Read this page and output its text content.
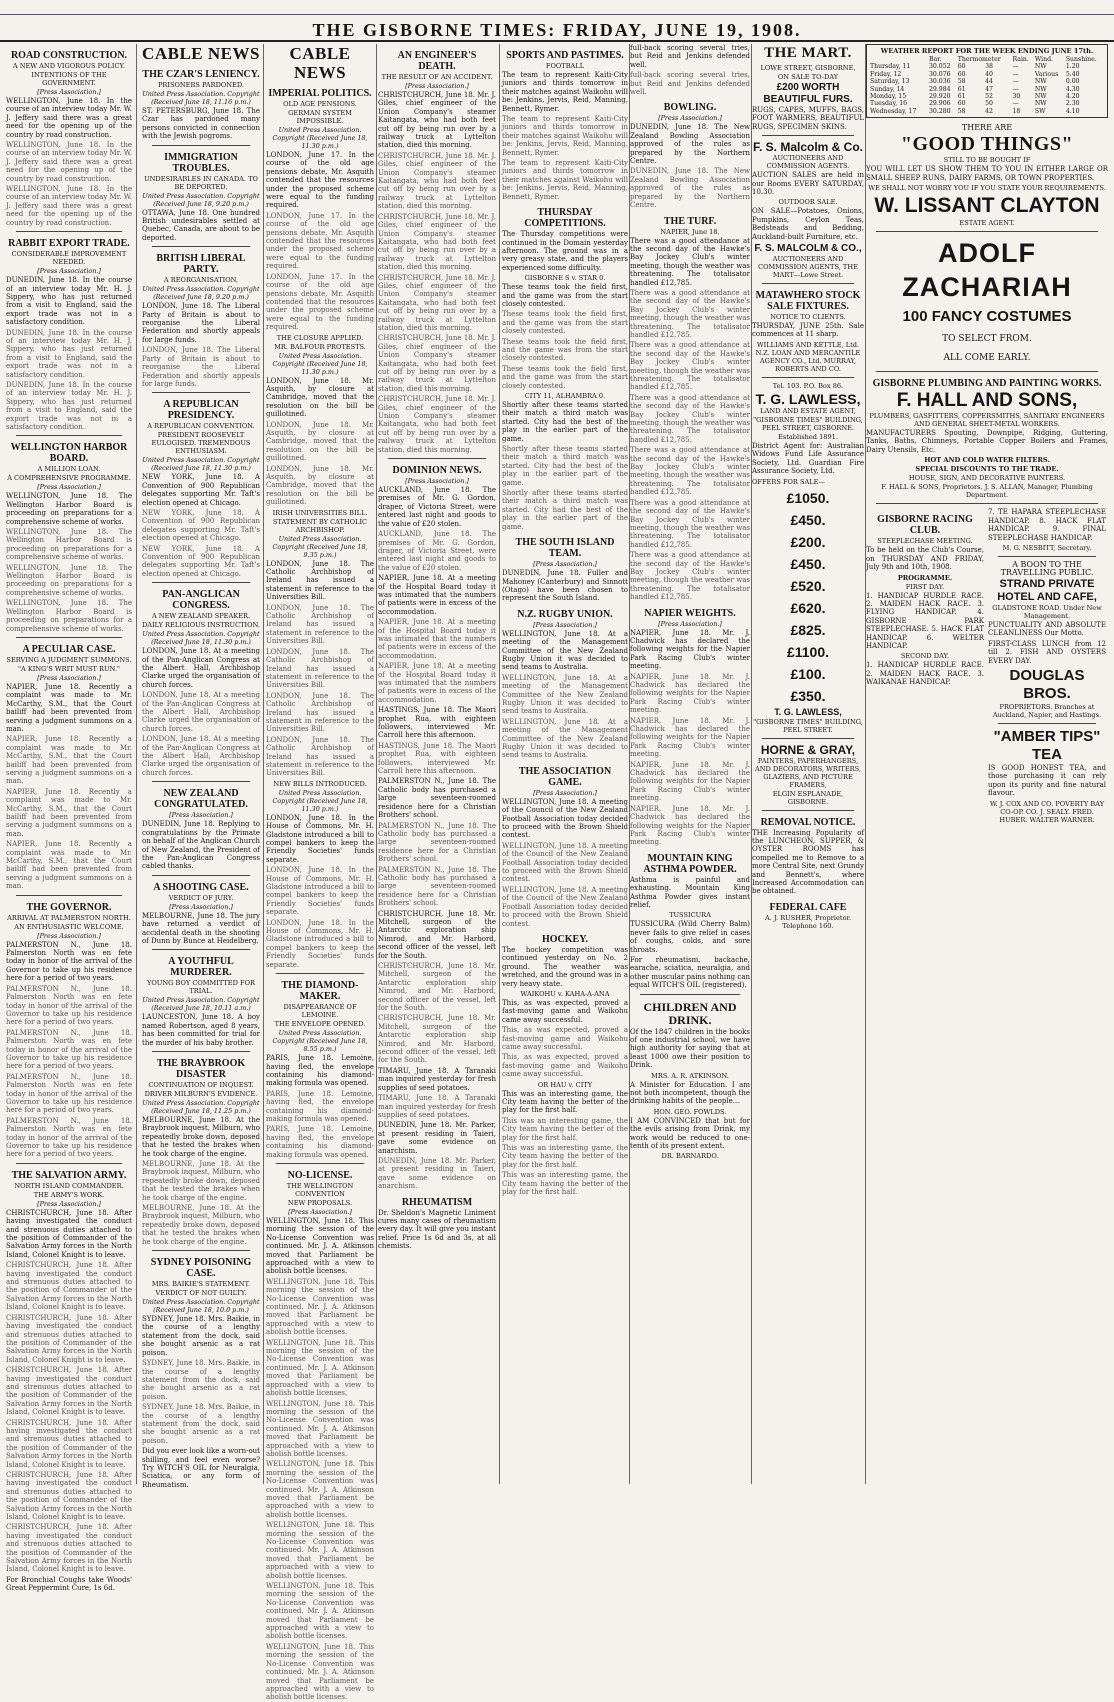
THE GISBORNE TIMES: FRIDAY, JUNE 19, 1908.
ROAD CONSTRUCTION.
A NEW AND VIGOROUS POLICY.
INTENTIONS OF THE GOVERNMENT.
[Press Association.]

WELLINGTON, June 18. In the course of an interview today Mr. W. J. Jeffery said there was a great need for the opening up of the country by road construction.

WELLINGTON, June 18. In the course of an interview today Mr. W. J. Jeffery said there was a great need for the opening up of the country by road construction.

WELLINGTON, June 18. In the course of an interview today Mr. W. J. Jeffery said there was a great need for the opening up of the country by road construction.

RABBIT EXPORT TRADE.
CONSIDERABLE IMPROVEMENT NEEDED.
[Press Association.]

DUNEDIN, June 18. In the course of an interview today Mr. H. J. Sippery, who has just returned from a visit to England, said the export trade was not in a satisfactory condition.

DUNEDIN, June 18. In the course of an interview today Mr. H. J. Sippery, who has just returned from a visit to England, said the export trade was not in a satisfactory condition.

DUNEDIN, June 18. In the course of an interview today Mr. H. J. Sippery, who has just returned from a visit to England, said the export trade was not in a satisfactory condition.

WELLINGTON HARBOR BOARD.
A MILLION LOAN.
A COMPREHENSIVE PROGRAMME.
[Press Association.]

WELLINGTON, June 18. The Wellington Harbor Board is proceeding on preparations for a comprehensive scheme of works.

WELLINGTON, June 18. The Wellington Harbor Board is proceeding on preparations for a comprehensive scheme of works.

WELLINGTON, June 18. The Wellington Harbor Board is proceeding on preparations for a comprehensive scheme of works.

WELLINGTON, June 18. The Wellington Harbor Board is proceeding on preparations for a comprehensive scheme of works.

A PECULIAR CASE.
SERVING A JUDGMENT SUMMONS.
"A KING'S WRIT MUST RUN."
[Press Association.]

NAPIER, June 18. Recently a complaint was made to Mr. McCarthy, S.M., that the Court bailiff had been prevented from serving a judgment summons on a man.

NAPIER, June 18. Recently a complaint was made to Mr. McCarthy, S.M., that the Court bailiff had been prevented from serving a judgment summons on a man.

NAPIER, June 18. Recently a complaint was made to Mr. McCarthy, S.M., that the Court bailiff had been prevented from serving a judgment summons on a man.

NAPIER, June 18. Recently a complaint was made to Mr. McCarthy, S.M., that the Court bailiff had been prevented from serving a judgment summons on a man.

THE GOVERNOR.
ARRIVAL AT PALMERSTON NORTH.
AN ENTHUSIASTIC WELCOME.
[Press Association.]

PALMERSTON N., June 18. Palmerston North was en fete today in honor of the arrival of the Governor to take up his residence here for a period of two years.

PALMERSTON N., June 18. Palmerston North was en fete today in honor of the arrival of the Governor to take up his residence here for a period of two years.

PALMERSTON N., June 18. Palmerston North was en fete today in honor of the arrival of the Governor to take up his residence here for a period of two years.

PALMERSTON N., June 18. Palmerston North was en fete today in honor of the arrival of the Governor to take up his residence here for a period of two years.

PALMERSTON N., June 18. Palmerston North was en fete today in honor of the arrival of the Governor to take up his residence here for a period of two years.

THE SALVATION ARMY.
NORTH ISLAND COMMANDER.
THE ARMY'S WORK.
[Press Association.]

CHRISTCHURCH, June 18. After having investigated the conduct and strenuous duties attached to the position of Commander of the Salvation Army forces in the North Island, Colonel Knight is to leave.

CHRISTCHURCH, June 18. After having investigated the conduct and strenuous duties attached to the position of Commander of the Salvation Army forces in the North Island, Colonel Knight is to leave.

CHRISTCHURCH, June 18. After having investigated the conduct and strenuous duties attached to the position of Commander of the Salvation Army forces in the North Island, Colonel Knight is to leave.

CHRISTCHURCH, June 18. After having investigated the conduct and strenuous duties attached to the position of Commander of the Salvation Army forces in the North Island, Colonel Knight is to leave.

CHRISTCHURCH, June 18. After having investigated the conduct and strenuous duties attached to the position of Commander of the Salvation Army forces in the North Island, Colonel Knight is to leave.

CHRISTCHURCH, June 18. After having investigated the conduct and strenuous duties attached to the position of Commander of the Salvation Army forces in the North Island, Colonel Knight is to leave.

CHRISTCHURCH, June 18. After having investigated the conduct and strenuous duties attached to the position of Commander of the Salvation Army forces in the North Island, Colonel Knight is to leave.

For Bronchial Coughs take Woods' Great Peppermint Cure, 1s 6d.

CABLE NEWS
THE CZAR'S LENIENCY.
PRISONERS PARDONED.
United Press Association. Copyright (Received June 18, 11.16 p.m.)

ST. PETERSBURG, June 18. The Czar has pardoned many persons convicted in connection with the Jewish pogroms.

IMMIGRATION TROUBLES.
UNDESIRABLES IN CANADA. TO BE DEPORTED.
United Press Association. Copyright (Received June 18, 9.20 p.m.)

OTTAWA, June 18. One hundred British undesirables settled at Quebec, Canada, are about to be deported.

BRITISH LIBERAL PARTY.
A REORGANISATION.
United Press Association. Copyright (Received June 18, 9.20 p.m.)

LONDON, June 18. The Liberal Party of Britain is about to reorganise the Liberal Federation and shortly appeals for large funds.

LONDON, June 18. The Liberal Party of Britain is about to reorganise the Liberal Federation and shortly appeals for large funds.

A REPUBLICAN PRESIDENCY.
A REPUBLICAN CONVENTION.
PRESIDENT ROOSEVELT EULOGISED. TREMENDOUS ENTHUSIASM.
United Press Association. Copyright (Received June 18, 11.30 p.m.)

NEW YORK, June 18. A Convention of 900 Republican delegates supporting Mr. Taft's election opened at Chicago.

NEW YORK, June 18. A Convention of 900 Republican delegates supporting Mr. Taft's election opened at Chicago.

NEW YORK, June 18. A Convention of 900 Republican delegates supporting Mr. Taft's election opened at Chicago.

PAN-ANGLICAN CONGRESS.
A NEW ZEALAND SPEAKER.
DAILY RELIGIOUS INSTRUCTION.
United Press Association. Copyright (Received June 18, 11.30 p.m.)

LONDON, June 18. At a meeting of the Pan-Anglican Congress at the Albert Hall, Archbishop Clarke urged the organisation of church forces.

LONDON, June 18. At a meeting of the Pan-Anglican Congress at the Albert Hall, Archbishop Clarke urged the organisation of church forces.

LONDON, June 18. At a meeting of the Pan-Anglican Congress at the Albert Hall, Archbishop Clarke urged the organisation of church forces.

NEW ZEALAND CONGRATULATED.
[Press Association.]

DUNEDIN, June 18. Replying to congratulations by the Primate on behalf of the Anglican Church of New Zealand, the President of the Pan-Anglican Congress cabled thanks.

A SHOOTING CASE.
VERDICT OF JURY.
[Press Association.]

MELBOURNE, June 18. The jury have returned a verdict of accidental death in the shooting of Dunn by Bunce at Heidelberg.

A YOUTHFUL MURDERER.
YOUNG BOY COMMITTED FOR TRIAL.
United Press Association. Copyright (Received June 18, 10.11 a.m.)

LAUNCESTON, June 18. A boy named Robertson, aged 8 years, has been committed for trial for the murder of his baby brother.

THE BRAYBROOK DISASTER
CONTINUATION OF INQUEST.
DRIVER MILBURN'S EVIDENCE.
United Press Association. Copyright (Received June 18, 11.25 p.m.)

MELBOURNE, June 18. At the Braybrook inquest, Milburn, who repeatedly broke down, deposed that he tested the brakes when he took charge of the engine.

MELBOURNE, June 18. At the Braybrook inquest, Milburn, who repeatedly broke down, deposed that he tested the brakes when he took charge of the engine.

MELBOURNE, June 18. At the Braybrook inquest, Milburn, who repeatedly broke down, deposed that he tested the brakes when he took charge of the engine.

SYDNEY POISONING CASE.
MRS. BAIKIE'S STATEMENT.
VERDICT OF NOT GUILTY.
United Press Association. Copyright (Received June 18, 10.0 p.m.)

SYDNEY, June 18. Mrs. Baikie, in the course of a lengthy statement from the dock, said she bought arsenic as a rat poison.

SYDNEY, June 18. Mrs. Baikie, in the course of a lengthy statement from the dock, said she bought arsenic as a rat poison.

SYDNEY, June 18. Mrs. Baikie, in the course of a lengthy statement from the dock, said she bought arsenic as a rat poison.

Did you ever look like a worn-out shilling, and feel even worse? Try WITCH'S OIL for Neuralgia, Sciatica, or any form of Rheumatism.

CABLE NEWS
IMPERIAL POLITICS.
OLD AGE PENSIONS.
GERMAN SYSTEM IMPOSSIBLE.
United Press Association. Copyright (Received June 18, 11.30 p.m.)

LONDON, June 17. In the course of the old age pensions debate, Mr. Asquith contended that the resources under the proposed scheme were equal to the funding required.

LONDON, June 17. In the course of the old age pensions debate, Mr. Asquith contended that the resources under the proposed scheme were equal to the funding required.

LONDON, June 17. In the course of the old age pensions debate, Mr. Asquith contended that the resources under the proposed scheme were equal to the funding required.

THE CLOSURE APPLIED.
MR. BALFOUR PROTESTS.
United Press Association. Copyright (Received June 18, 11.30 p.m.)

LONDON, June 18. Mr. Asquith, by closure at Cambridge, moved that the resolution on the bill be guillotined.

LONDON, June 18. Mr. Asquith, by closure at Cambridge, moved that the resolution on the bill be guillotined.

LONDON, June 18. Mr. Asquith, by closure at Cambridge, moved that the resolution on the bill be guillotined.

IRISH UNIVERSITIES BILL.
STATEMENT BY CATHOLIC ARCHBISHOP.
United Press Association. Copyright (Received June 18, 9.35 p.m.)

LONDON, June 18. The Catholic Archbishop of Ireland has issued a statement in reference to the Universities Bill.

LONDON, June 18. The Catholic Archbishop of Ireland has issued a statement in reference to the Universities Bill.

LONDON, June 18. The Catholic Archbishop of Ireland has issued a statement in reference to the Universities Bill.

LONDON, June 18. The Catholic Archbishop of Ireland has issued a statement in reference to the Universities Bill.

LONDON, June 18. The Catholic Archbishop of Ireland has issued a statement in reference to the Universities Bill.

NEW BILLS INTRODUCED.
United Press Association. Copyright (Received June 18, 11.30 p.m.)

LONDON, June 18. In the House of Commons, Mr. H. Gladstone introduced a bill to compel bankers to keep the Friendly Societies' funds separate.

LONDON, June 18. In the House of Commons, Mr. H. Gladstone introduced a bill to compel bankers to keep the Friendly Societies' funds separate.

LONDON, June 18. In the House of Commons, Mr. H. Gladstone introduced a bill to compel bankers to keep the Friendly Societies' funds separate.

THE DIAMOND-MAKER.
DISAPPEARANCE OF LEMOINE.
THE ENVELOPE OPENED.
United Press Association. Copyright (Received June 18, 8.55 p.m.)

PARIS, June 18. Lemoine, having fled, the envelope containing his diamond-making formula was opened.

PARIS, June 18. Lemoine, having fled, the envelope containing his diamond-making formula was opened.

PARIS, June 18. Lemoine, having fled, the envelope containing his diamond-making formula was opened.

NO-LICENSE.
THE WELLINGTON CONVENTION
NEW PROPOSALS.
[Press Association.]

WELLINGTON, June 18. This morning the session of the No-License Convention was continued. Mr. J. A. Atkinson moved that Parliament be approached with a view to abolish bottle licenses.

WELLINGTON, June 18. This morning the session of the No-License Convention was continued. Mr. J. A. Atkinson moved that Parliament be approached with a view to abolish bottle licenses.

WELLINGTON, June 18. This morning the session of the No-License Convention was continued. Mr. J. A. Atkinson moved that Parliament be approached with a view to abolish bottle licenses.

WELLINGTON, June 18. This morning the session of the No-License Convention was continued. Mr. J. A. Atkinson moved that Parliament be approached with a view to abolish bottle licenses.

WELLINGTON, June 18. This morning the session of the No-License Convention was continued. Mr. J. A. Atkinson moved that Parliament be approached with a view to abolish bottle licenses.

WELLINGTON, June 18. This morning the session of the No-License Convention was continued. Mr. J. A. Atkinson moved that Parliament be approached with a view to abolish bottle licenses.

WELLINGTON, June 18. This morning the session of the No-License Convention was continued. Mr. J. A. Atkinson moved that Parliament be approached with a view to abolish bottle licenses.

WELLINGTON, June 18. This morning the session of the No-License Convention was continued. Mr. J. A. Atkinson moved that Parliament be approached with a view to abolish bottle licenses.

AN ENGINEER'S DEATH.
THE RESULT OF AN ACCIDENT.
[Press Association.]

CHRISTCHURCH, June 18. Mr. J. Giles, chief engineer of the Union Company's steamer Kaitangata, who had both feet cut off by being run over by a railway truck at Lyttelton station, died this morning.

CHRISTCHURCH, June 18. Mr. J. Giles, chief engineer of the Union Company's steamer Kaitangata, who had both feet cut off by being run over by a railway truck at Lyttelton station, died this morning.

CHRISTCHURCH, June 18. Mr. J. Giles, chief engineer of the Union Company's steamer Kaitangata, who had both feet cut off by being run over by a railway truck at Lyttelton station, died this morning.

CHRISTCHURCH, June 18. Mr. J. Giles, chief engineer of the Union Company's steamer Kaitangata, who had both feet cut off by being run over by a railway truck at Lyttelton station, died this morning.

CHRISTCHURCH, June 18. Mr. J. Giles, chief engineer of the Union Company's steamer Kaitangata, who had both feet cut off by being run over by a railway truck at Lyttelton station, died this morning.

CHRISTCHURCH, June 18. Mr. J. Giles, chief engineer of the Union Company's steamer Kaitangata, who had both feet cut off by being run over by a railway truck at Lyttelton station, died this morning.

DOMINION NEWS.
[Press Association.]

AUCKLAND, June 18. The premises of Mr. G. Gordon, draper, of Victoria Street, were entered last night and goods to the value of £20 stolen.

AUCKLAND, June 18. The premises of Mr. G. Gordon, draper, of Victoria Street, were entered last night and goods to the value of £20 stolen.

NAPIER, June 18. At a meeting of the Hospital Board today it was intimated that the numbers of patients were in excess of the accommodation.

NAPIER, June 18. At a meeting of the Hospital Board today it was intimated that the numbers of patients were in excess of the accommodation.

NAPIER, June 18. At a meeting of the Hospital Board today it was intimated that the numbers of patients were in excess of the accommodation.

HASTINGS, June 18. The Maori prophet Rua, with eighteen followers, interviewed Mr. Carroll here this afternoon.

HASTINGS, June 18. The Maori prophet Rua, with eighteen followers, interviewed Mr. Carroll here this afternoon.

PALMERSTON N., June 18. The Catholic body has purchased a large seventeen-roomed residence here for a Christian Brothers' school.

PALMERSTON N., June 18. The Catholic body has purchased a large seventeen-roomed residence here for a Christian Brothers' school.

PALMERSTON N., June 18. The Catholic body has purchased a large seventeen-roomed residence here for a Christian Brothers' school.

CHRISTCHURCH, June 18. Mr. Mitchell, surgeon of the Antarctic exploration ship Nimrod, and Mr. Harbord, second officer of the vessel, left for the South.

CHRISTCHURCH, June 18. Mr. Mitchell, surgeon of the Antarctic exploration ship Nimrod, and Mr. Harbord, second officer of the vessel, left for the South.

CHRISTCHURCH, June 18. Mr. Mitchell, surgeon of the Antarctic exploration ship Nimrod, and Mr. Harbord, second officer of the vessel, left for the South.

TIMARU, June 18. A Taranaki man inquired yesterday for fresh supplies of seed potatoes.

TIMARU, June 18. A Taranaki man inquired yesterday for fresh supplies of seed potatoes.

DUNEDIN, June 18. Mr. Parker, at present residing in Taieri, gave some evidence on anarchism.

DUNEDIN, June 18. Mr. Parker, at present residing in Taieri, gave some evidence on anarchism.

RHEUMATISM

Dr. Sheldon's Magnetic Liniment cures many cases of rheumatism every day. It will give you instant relief. Price 1s 6d and 3s, at all chemists.

SPORTS AND PASTIMES.
FOOTBALL

The team to represent Kaiti-City juniors and thirds tomorrow in their matches against Waikohu will be: Jenkins, Jervis, Reid, Manning, Bennett, Rymer.

The team to represent Kaiti-City juniors and thirds tomorrow in their matches against Waikohu will be: Jenkins, Jervis, Reid, Manning, Bennett, Rymer.

The team to represent Kaiti-City juniors and thirds tomorrow in their matches against Waikohu will be: Jenkins, Jervis, Reid, Manning, Bennett, Rymer.

THURSDAY COMPETITIONS.

The Thursday competitions were continued in the Domain yesterday afternoon. The ground was in a very greasy state, and the players experienced some difficulty.

GISBORNE S v. STAR 0.

These teams took the field first, and the game was from the start closely contested.

These teams took the field first, and the game was from the start closely contested.

These teams took the field first, and the game was from the start closely contested.

These teams took the field first, and the game was from the start closely contested.

CITY 11, ALHAMBRA 0.

Shortly after these teams started their match a third match was started. City had the best of the play in the earlier part of the game.

Shortly after these teams started their match a third match was started. City had the best of the play in the earlier part of the game.

Shortly after these teams started their match a third match was started. City had the best of the play in the earlier part of the game.

THE SOUTH ISLAND TEAM.
[Press Association.]

DUNEDIN, June 18. Fuller and Mahoney (Canterbury) and Sinnott (Otago) have been chosen to represent the South Island.

N.Z. RUGBY UNION.
[Press Association.]

WELLINGTON, June 18. At a meeting of the Management Committee of the New Zealand Rugby Union it was decided to send teams to Australia.

WELLINGTON, June 18. At a meeting of the Management Committee of the New Zealand Rugby Union it was decided to send teams to Australia.

WELLINGTON, June 18. At a meeting of the Management Committee of the New Zealand Rugby Union it was decided to send teams to Australia.

THE ASSOCIATION GAME.
[Press Association.]

WELLINGTON, June 18. A meeting of the Council of the New Zealand Football Association today decided to proceed with the Brown Shield contest.

WELLINGTON, June 18. A meeting of the Council of the New Zealand Football Association today decided to proceed with the Brown Shield contest.

WELLINGTON, June 18. A meeting of the Council of the New Zealand Football Association today decided to proceed with the Brown Shield contest.

HOCKEY.

The hockey competition was continued yesterday on No. 2 ground. The weather was wretched, and the ground was in a very heavy state.

WAIKOHU v. KAHA-A-ANA

This, as was expected, proved a fast-moving game and Waikohu came away successful.

This, as was expected, proved a fast-moving game and Waikohu came away successful.

This, as was expected, proved a fast-moving game and Waikohu came away successful.

OR HAU v. CITY

This was an interesting game, the City team having the better of the play for the first half.

This was an interesting game, the City team having the better of the play for the first half.

This was an interesting game, the City team having the better of the play for the first half.

This was an interesting game, the City team having the better of the play for the first half.

full-back scoring several tries, but Reid and Jenkins defended well.

full-back scoring several tries, but Reid and Jenkins defended well.

BOWLING.
[Press Association.]

DUNEDIN, June 18. The New Zealand Bowling Association approved of the rules as prepared by the Northern Centre.

DUNEDIN, June 18. The New Zealand Bowling Association approved of the rules as prepared by the Northern Centre.

THE TURF.
NAPIER, June 18.

There was a good attendance at the second day of the Hawke's Bay Jockey Club's winter meeting, though the weather was threatening. The totalisator handled £12,785.

There was a good attendance at the second day of the Hawke's Bay Jockey Club's winter meeting, though the weather was threatening. The totalisator handled £12,785.

There was a good attendance at the second day of the Hawke's Bay Jockey Club's winter meeting, though the weather was threatening. The totalisator handled £12,785.

There was a good attendance at the second day of the Hawke's Bay Jockey Club's winter meeting, though the weather was threatening. The totalisator handled £12,785.

There was a good attendance at the second day of the Hawke's Bay Jockey Club's winter meeting, though the weather was threatening. The totalisator handled £12,785.

There was a good attendance at the second day of the Hawke's Bay Jockey Club's winter meeting, though the weather was threatening. The totalisator handled £12,785.

There was a good attendance at the second day of the Hawke's Bay Jockey Club's winter meeting, though the weather was threatening. The totalisator handled £12,785.

NAPIER WEIGHTS.
[Press Association.]

NAPIER, June 18. Mr. J. Chadwick has declared the following weights for the Napier Park Racing Club's winter meeting.

NAPIER, June 18. Mr. J. Chadwick has declared the following weights for the Napier Park Racing Club's winter meeting.

NAPIER, June 18. Mr. J. Chadwick has declared the following weights for the Napier Park Racing Club's winter meeting.

NAPIER, June 18. Mr. J. Chadwick has declared the following weights for the Napier Park Racing Club's winter meeting.

NAPIER, June 18. Mr. J. Chadwick has declared the following weights for the Napier Park Racing Club's winter meeting.

MOUNTAIN KING ASTHMA POWDER.

Asthma is painful and exhausting. Mountain King Asthma Powder gives instant relief.

TUSSICURA

TUSSICURA (Wild Cherry Balm) never fails to give relief in cases of coughs, colds, and sore throats.

For rheumatism, backache, earache, sciatica, neuralgia, and other muscular pains nothing can equal WITCH'S OIL (registered).

CHILDREN AND DRINK.

Of the 1847 children in the books of one industrial school, we have high authority for saying that at least 1000 owe their position to Drink.

MRS. A. R. ATKINSON.

A Minister for Education. I am not both incompetent, though the drinking habits of the people...

HON. GEO. FOWLDS.

I AM CONVINCED that but for the evils arising from Drink, my work would be reduced to one-tenth of its present extent.

DR. BARNARDO.
THE MART.
LOWE STREET, GISBORNE.
ON SALE TO-DAY
£200 WORTH BEAUTIFUL FURS.

RUGS, CAPES, MUFFS, BAGS, FOOT WARMERS, BEAUTIFUL RUGS, SPECIMEN SKINS.

F. S. Malcolm & Co.
AUCTIONEERS AND COMMISSION AGENTS.

AUCTION SALES are held in our Rooms EVERY SATURDAY, 10.30.

OUTDOOR SALE.

ON SALE—Potatoes, Onions, Pumpkins, Ceylon Teas, Bedsteads and Bedding, Auckland-built Furniture, etc.

F. S. MALCOLM & CO.,
AUCTIONEERS AND COMMISSION AGENTS, THE MART—Lowe Street.
MATAWHERO STOCK SALE FIXTURES.
NOTICE TO CLIENTS.

THURSDAY, JUNE 25th. Sale commences at 11 sharp.

WILLIAMS AND KETTLE, Ltd. N.Z. LOAN AND MERCANTILE AGENCY CO., Ltd. MURRAY, ROBERTS AND CO.
Tel. 103. P.O. Box 86.
T. G. LAWLESS,
LAND AND ESTATE AGENT,
"GISBORNE TIMES" BUILDING, PEEL STREET, GISBORNE.
Established 1891.

District Agent for: Australian Widows Fund Life Assurance Society, Ltd. Guardian Fire Assurance Society, Ltd.

OFFERS FOR SALE—
£1050.
£450.
£200.
£450.
£520.
£620.
£825.
£1100.
£100.
£350.
T. G. LAWLESS,
"GISBORNE TIMES" BUILDING, PEEL STREET.
HORNE & GRAY,
PAINTERS, PAPERHANGERS, AND DECORATORS, WRITERS, GLAZIERS, AND PICTURE FRAMERS,
ELGIN ESPLANADE, GISBORNE.
REMOVAL NOTICE.

THE Increasing Popularity of the LUNCHEON, SUPPER, & OYSTER ROOMS has compelled me to Remove to a more Central Site, next Grundy and Bennett's, where Increased Accommodation can be obtained.

FEDERAL CAFE
A. J. RUSHER, Proprietor. Telephone 160.
WEATHER REPORT FOR THE WEEK ENDING JUNE 17th.
	Bar.	Thermometer		Rain.	Wind.	Sunshine.
Thursday, 11	30.052	60	38	—	NW	1.20
Friday, 12	30.076	60	40	—	Various	5.40
Saturday, 13	30.036	58	44	—	NW	0.00
Sunday, 14	29.984	61	47	—	NW	4.30
Monday, 15	29.920	61	52	30	NW	4.20
Tuesday, 16	29.906	60	50	—	NW	2.30
Wednesday, 17	30.280	58	42	18	SW	4.10
THERE ARE
"GOOD THINGS"
STILL TO BE BOUGHT IF

YOU WILL LET US SHOW THEM TO YOU IN EITHER LARGE OR SMALL SHEEP RUNS, DAIRY FARMS, OR TOWN PROPERTIES.

WE SHALL NOT WORRY YOU IF YOU STATE YOUR REQUIREMENTS.
W. LISSANT CLAYTON
ESTATE AGENT.
ADOLF ZACHARIAH
100 FANCY COSTUMES
TO SELECT FROM.
ALL COME EARLY.
GISBORNE PLUMBING AND PAINTING WORKS.
F. HALL AND SONS,
PLUMBERS, GASFITTERS, COPPERSMITHS, SANITARY ENGINEERS AND GENERAL SHEET-METAL WORKERS.

MANUFACTURERS Spouting, Downpipe, Ridging, Guttering, Tanks, Baths, Chimneys, Portable Copper Boilers and Frames, Dairy Utensils, Etc.

HOT AND COLD WATER FILTERS.
SPECIAL DISCOUNTS TO THE TRADE.
HOUSE, SIGN, AND DECORATIVE PAINTERS.
F. HALL & SONS, Proprietors. J. S. ALLAN, Manager, Plumbing Department.
GISBORNE RACING CLUB.
STEEPLECHASE MEETING.

To be held on the Club's Course, on THURSDAY AND FRIDAY, July 9th and 10th, 1908.

PROGRAMME.
FIRST DAY.

1. HANDICAP HURDLE RACE. 2. MAIDEN HACK RACE. 3. FLYING HANDICAP. 4. GISBORNE PARK STEEPLECHASE. 5. HACK FLAT HANDICAP. 6. WELTER HANDICAP.

SECOND DAY.

1. HANDICAP HURDLE RACE. 2. MAIDEN HACK RACE. 3. WAIKANAE HANDICAP.

7. TE HAPARA STEEPLECHASE HANDICAP. 8. HACK FLAT HANDICAP. 9. FINAL STEEPLECHASE HANDICAP.

M. G. NESBITT, Secretary.
A BOON TO THE TRAVELLING PUBLIC.
STRAND PRIVATE HOTEL AND CAFE,
GLADSTONE ROAD. Under New Management.

PUNCTUALITY AND ABSOLUTE CLEANLINESS Our Motto.

FIRST-CLASS LUNCH from 12 till 2. FISH AND OYSTERS EVERY DAY.

DOUGLAS BROS.
PROPRIETORS. Branches at Auckland, Napier, and Hastings.
"AMBER TIPS" TEA

IS GOOD HONEST TEA, and those purchasing it can rely upon its purity and fine natural flavour.

W. J. COX AND CO. POVERTY BAY CO-OP. CO. J. SEALY. FRED. HUBER. WALTER WARNER.
